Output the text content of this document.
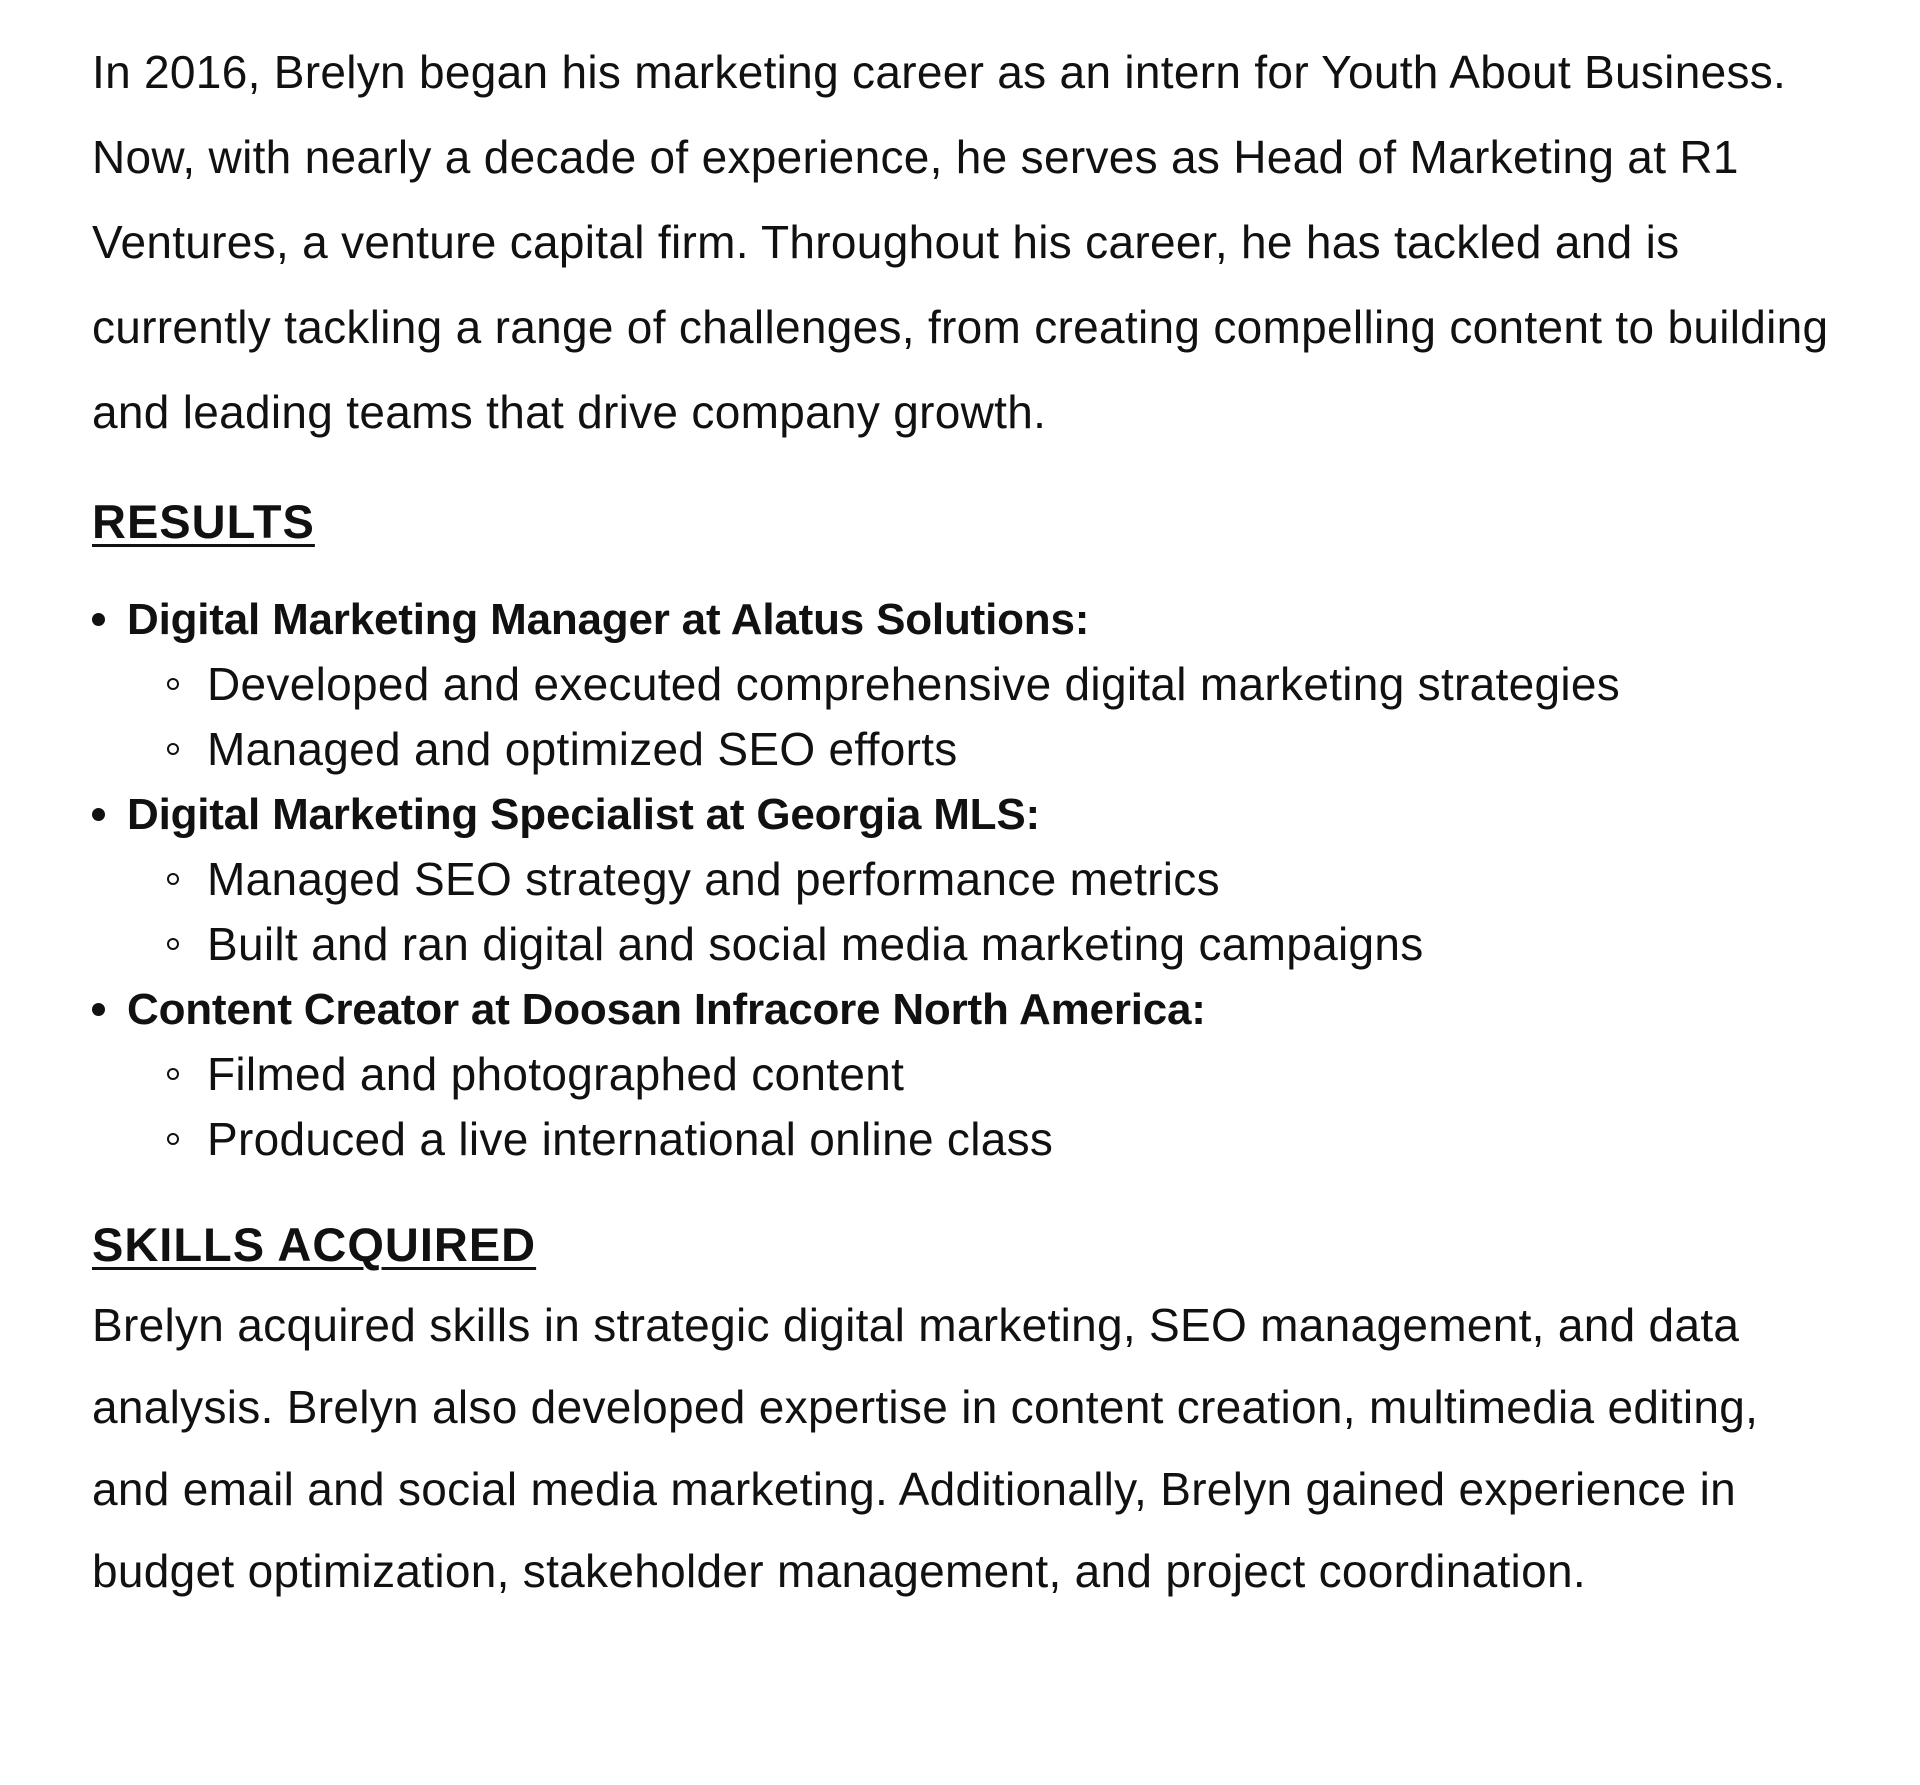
In 2016, Brelyn began his marketing career as an intern for Youth About Business. Now, with nearly a decade of experience, he serves as Head of Marketing at R1 Ventures, a venture capital firm. Throughout his career, he has tackled and is currently tackling a range of challenges, from creating compelling content to building and leading teams that drive company growth.

RESULTS
Digital Marketing Manager at Alatus Solutions:
Developed and executed comprehensive digital marketing strategies
Managed and optimized SEO efforts
Digital Marketing Specialist at Georgia MLS:
Managed SEO strategy and performance metrics
Built and ran digital and social media marketing campaigns
Content Creator at Doosan Infracore North America:
Filmed and photographed content
Produced a live international online class
SKILLS ACQUIRED

Brelyn acquired skills in strategic digital marketing, SEO management, and data analysis. Brelyn also developed expertise in content creation, multimedia editing, and email and social media marketing. Additionally, Brelyn gained experience in budget optimization, stakeholder management, and project coordination.
